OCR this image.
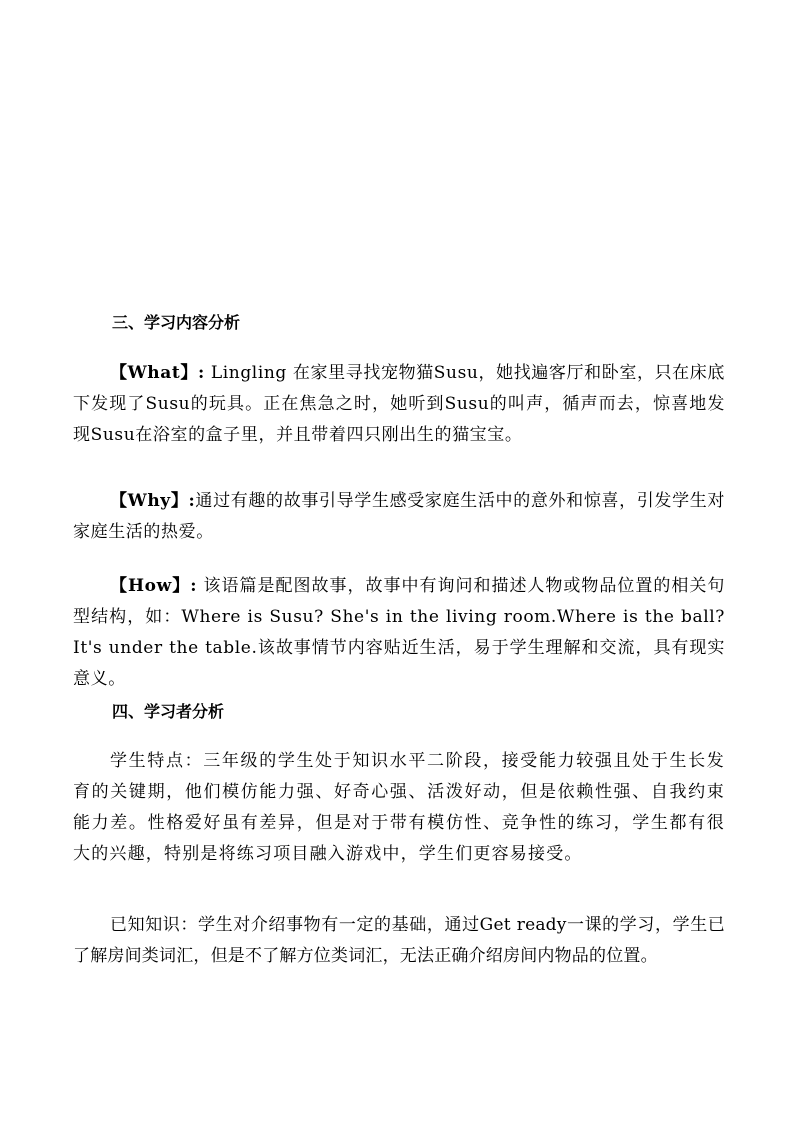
三、学习内容分析
【What】: Lingling 在家里寻找宠物猫Susu，她找遍客厅和卧室，只在床底下发现了Susu的玩具。正在焦急之时，她听到Susu的叫声，循声而去，惊喜地发现Susu在浴室的盒子里，并且带着四只刚出生的猫宝宝。
【Why】:通过有趣的故事引导学生感受家庭生活中的意外和惊喜，引发学生对家庭生活的热爱。
【How】: 该语篇是配图故事，故事中有询问和描述人物或物品位置的相关句型结构，如：Where is Susu? She's in the living room.Where is the ball?It's under the table.该故事情节内容贴近生活，易于学生理解和交流，具有现实意义。
四、学习者分析
学生特点：三年级的学生处于知识水平二阶段，接受能力较强且处于生长发育的关键期，他们模仿能力强、好奇心强、活泼好动，但是依赖性强、自我约束能力差。性格爱好虽有差异，但是对于带有模仿性、竞争性的练习，学生都有很大的兴趣，特别是将练习项目融入游戏中，学生们更容易接受。
已知知识：学生对介绍事物有一定的基础，通过Get ready一课的学习，学生已了解房间类词汇，但是不了解方位类词汇，无法正确介绍房间内物品的位置。
